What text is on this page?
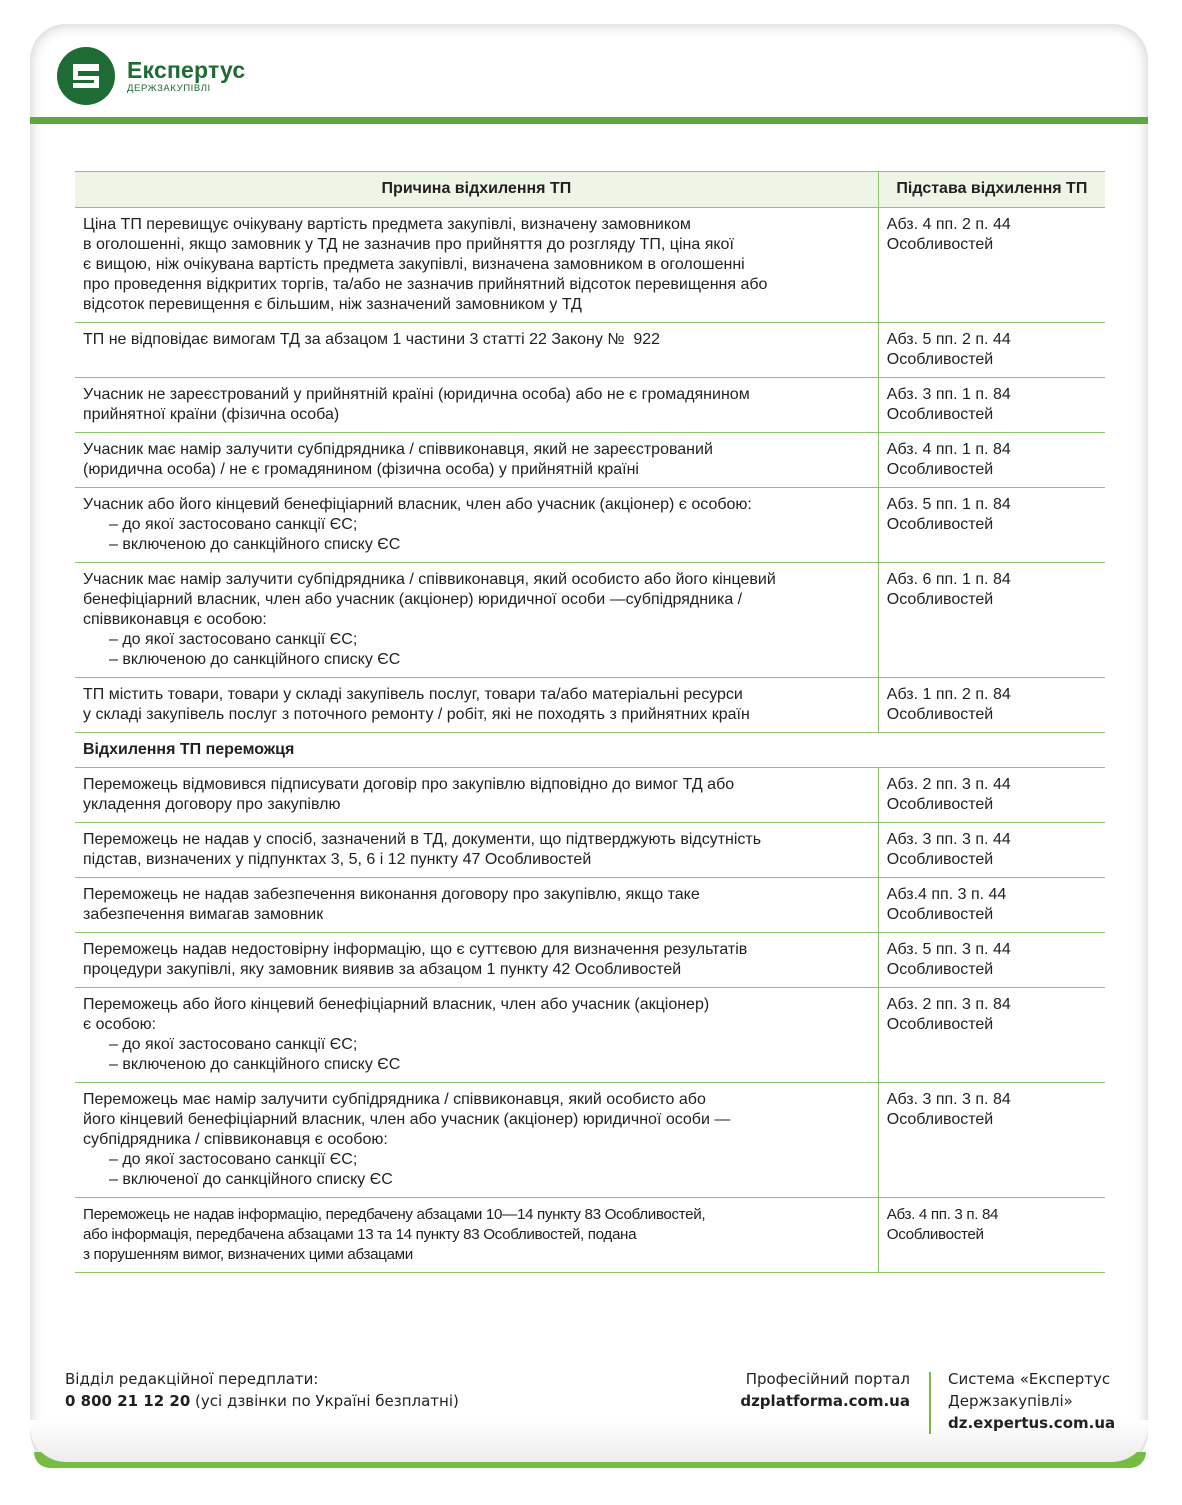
Експертус
ДЕРЖЗАКУПІВЛІ
Причина відхилення ТП	Підстава відхилення ТП

Ціна ТП перевищує очікувану вартість предмета закупівлі, визначену замовником
в оголошенні, якщо замовник у ТД не зазначив про прийняття до розгляду ТП, ціна якої
є вищою, ніж очікувана вартість предмета закупівлі, визначена замовником в оголошенні
про проведення відкритих торгів, та/або не зазначив прийнятний відсоток перевищення або
відсоток перевищення є більшим, ніж зазначений замовником у ТД	Абз. 4 пп. 2 п. 44
Особливостей

ТП не відповідає вимогам ТД за абзацом 1 частини 3 статті 22 Закону №  922	Абз. 5 пп. 2 п. 44
Особливостей

Учасник не зареєстрований у прийнятній країні (юридична особа) або не є громадянином
прийнятної країни (фізична особа)	Абз. 3 пп. 1 п. 84
Особливостей

Учасник має намір залучити субпідрядника / співвиконавця, який не зареєстрований
(юридична особа) / не є громадянином (фізична особа) у прийнятній країні	Абз. 4 пп. 1 п. 84
Особливостей

Учасник або його кінцевий бенефіціарний власник, член або учасник (акціонер) є особою:
– до якої застосовано санкції ЄС;
– включеною до санкційного списку ЄС	Абз. 5 пп. 1 п. 84
Особливостей

Учасник має намір залучити субпідрядника / співвиконавця, який особисто або його кінцевий
бенефіціарний власник, член або учасник (акціонер) юридичної особи —субпідрядника /
співвиконавця є особою:
– до якої застосовано санкції ЄС;
– включеною до санкційного списку ЄС	Абз. 6 пп. 1 п. 84
Особливостей

ТП містить товари, товари у складі закупівель послуг, товари та/або матеріальні ресурси
у складі закупівель послуг з поточного ремонту / робіт, які не походять з прийнятних країн	Абз. 1 пп. 2 п. 84
Особливостей

Відхилення ТП переможця	

Переможець відмовився підписувати договір про закупівлю відповідно до вимог ТД або
укладення договору про закупівлю	Абз. 2 пп. 3 п. 44
Особливостей

Переможець не надав у спосіб, зазначений в ТД, документи, що підтверджують відсутність
підстав, визначених у підпунктах 3, 5, 6 і 12 пункту 47 Особливостей	Абз. 3 пп. 3 п. 44
Особливостей

Переможець не надав забезпечення виконання договору про закупівлю, якщо таке
забезпечення вимагав замовник	Абз.4 пп. 3 п. 44
Особливостей

Переможець надав недостовірну інформацію, що є суттєвою для визначення результатів
процедури закупівлі, яку замовник виявив за абзацом 1 пункту 42 Особливостей	Абз. 5 пп. 3 п. 44
Особливостей

Переможець або його кінцевий бенефіціарний власник, член або учасник (акціонер)
є особою:
– до якої застосовано санкції ЄС;
– включеною до санкційного списку ЄС	Абз. 2 пп. 3 п. 84
Особливостей

Переможець має намір залучити субпідрядника / співвиконавця, який особисто або
його кінцевий бенефіціарний власник, член або учасник (акціонер) юридичної особи —
субпідрядника / співвиконавця є особою:
– до якої застосовано санкції ЄС;
– включеної до санкційного списку ЄС	Абз. 3 пп. 3 п. 84
Особливостей

Переможець не надав інформацію, передбачену абзацами 10—14 пункту 83 Особливостей,
або інформація, передбачена абзацами 13 та 14 пункту 83 Особливостей, подана
з порушенням вимог, визначених цими абзацами	Абз. 4 пп. 3 п. 84
Особливостей
Відділ редакційної передплати:
0 800 21 12 20 (усі дзвінки по Україні безплатні)
Професійний портал
dzplatforma.com.ua
Система «Експертус
Держзакупівлі»
dz.expertus.com.ua
